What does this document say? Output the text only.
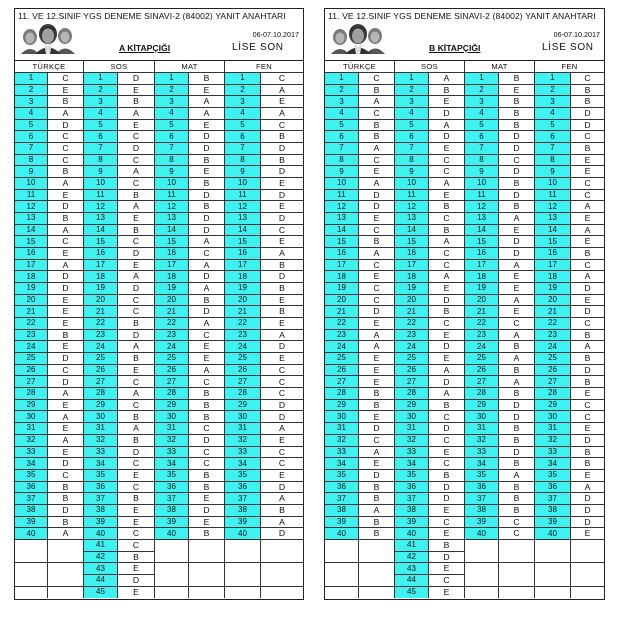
11. VE 12.SINIF YGS DENEME SINAVI-2 (84002) YANIT ANAHTARI
06-07.10.2017
A KİTAPÇIĞI	LİSE SON
TÜRKÇE	SOS	MAT	FEN
1	C	1	D	1	B	1	C
2	E	2	E	2	E	2	A
3	B	3	B	3	A	3	E
4	A	4	A	4	A	4	A
5	D	5	E	5	E	5	C
6	C	6	C	6	D	6	B
7	C	7	D	7	D	7	D
8	C	8	C	8	B	8	B
9	B	9	A	9	E	9	D
10	A	10	C	10	B	10	E
11	E	11	B	11	D	11	D
12	D	12	A	12	B	12	E
13	B	13	E	13	D	13	D
14	A	14	B	14	D	14	C
15	C	15	C	15	A	15	E
16	E	16	D	16	C	16	A
17	A	17	E	17	A	17	B
18	D	18	A	18	D	18	D
19	D	19	D	19	A	19	B
20	E	20	C	20	B	20	E
21	E	21	C	21	D	21	B
22	E	22	B	22	A	22	E
23	B	23	D	23	C	23	A
24	E	24	A	24	E	24	D
25	D	25	B	25	E	25	E
26	C	26	E	26	A	26	C
27	D	27	C	27	C	27	C
28	A	28	A	28	B	28	C
29	E	29	C	29	B	29	D
30	A	30	B	30	B	30	D
31	E	31	A	31	C	31	A
32	A	32	B	32	D	32	E
33	E	33	D	33	C	33	C
34	D	34	C	34	C	34	C
35	C	35	E	35	B	35	E
36	B	36	C	36	B	36	D
37	B	37	B	37	E	37	A
38	D	38	E	38	D	38	B
39	B	39	E	39	E	39	A
40	A	40	C	40	B	40	D
41	C
42	B
43	E
44	D
45	E
11. VE 12.SINIF YGS DENEME SINAVI-2 (84002) YANIT ANAHTARI
06-07.10.2017
B KİTAPÇIĞI	LİSE SON
TÜRKÇE	SOS	MAT	FEN
1	C	1	A	1	B	1	C
2	B	2	B	2	E	2	B
3	A	3	E	3	B	3	B
4	C	4	D	4	B	4	D
5	B	5	A	5	B	5	D
6	B	6	D	6	D	6	C
7	A	7	E	7	D	7	B
8	C	8	C	8	C	8	E
9	E	9	C	9	D	9	E
10	A	10	A	10	B	10	C
11	D	11	E	11	D	11	C
12	D	12	B	12	B	12	A
13	E	13	C	13	A	13	E
14	C	14	B	14	E	14	A
15	B	15	A	15	D	15	E
16	A	16	C	16	D	16	B
17	C	17	C	17	A	17	C
18	E	18	A	18	E	18	A
19	C	19	E	19	E	19	D
20	C	20	D	20	A	20	E
21	D	21	B	21	E	21	D
22	E	22	C	22	C	22	C
23	A	23	E	23	A	23	B
24	A	24	D	24	B	24	A
25	E	25	E	25	A	25	B
26	E	26	A	26	B	26	D
27	E	27	D	27	A	27	B
28	B	28	A	28	B	28	E
29	B	29	B	29	D	29	C
30	E	30	C	30	D	30	C
31	D	31	D	31	B	31	E
32	C	32	C	32	B	32	D
33	A	33	E	33	D	33	B
34	E	34	C	34	B	34	B
35	D	35	B	35	A	35	E
36	B	36	D	36	B	36	A
37	B	37	D	37	B	37	D
38	A	38	E	38	B	38	D
39	B	39	C	39	C	39	D
40	B	40	E	40	C	40	E
41	B
42	D
43	E
44	C
45	E
